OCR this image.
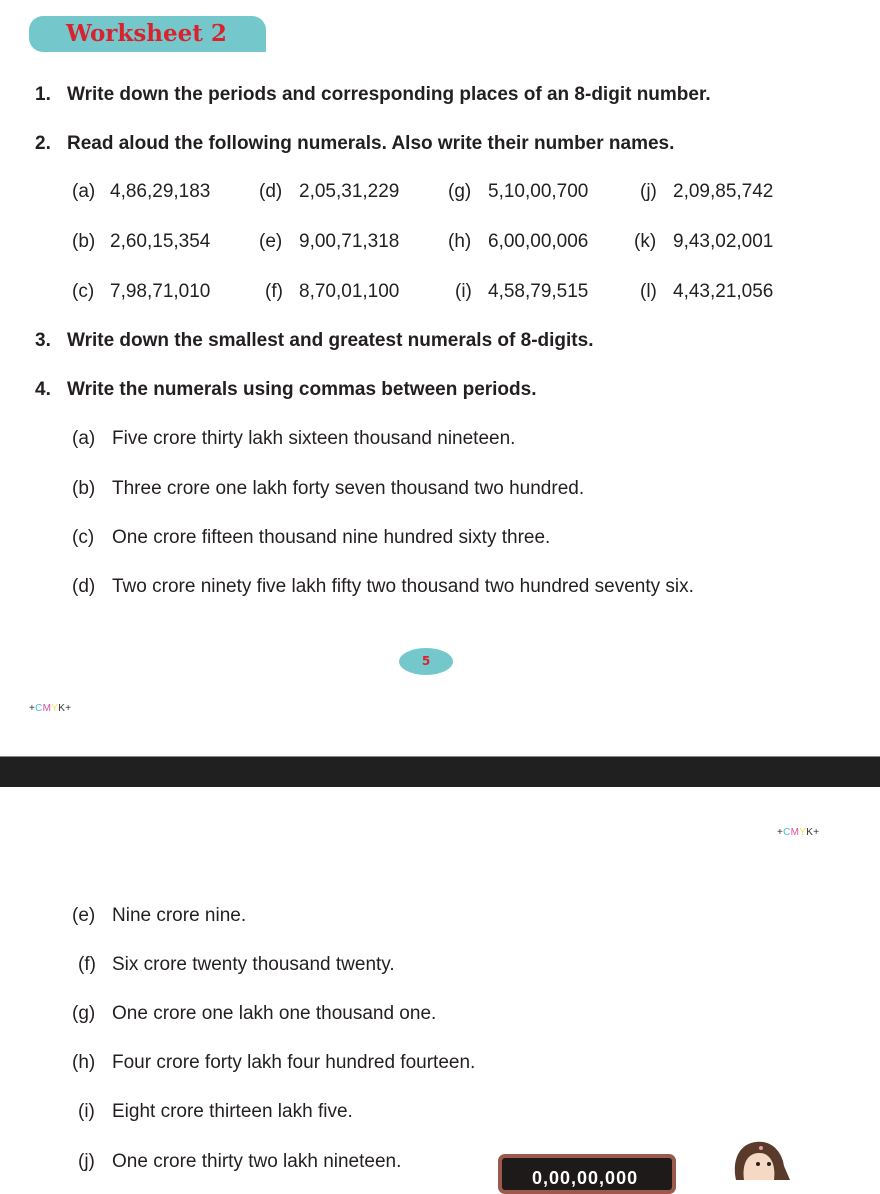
Worksheet 2
1. Write down the periods and corresponding places of an 8-digit number.
2. Read aloud the following numerals. Also write their number names.
(a) 4,86,29,183
(b) 2,60,15,354
(c) 7,98,71,010
(d) 2,05,31,229
(e) 9,00,71,318
(f) 8,70,01,100
(g) 5,10,00,700
(h) 6,00,00,006
(i) 4,58,79,515
(j) 2,09,85,742
(k) 9,43,02,001
(l) 4,43,21,056
3. Write down the smallest and greatest numerals of 8-digits.
4. Write the numerals using commas between periods.
(a) Five crore thirty lakh sixteen thousand nineteen.
(b) Three crore one lakh forty seven thousand two hundred.
(c) One crore fifteen thousand nine hundred sixty three.
(d) Two crore ninety five lakh fifty two thousand two hundred seventy six.
5
+CMYK+
+CMYK+
(e) Nine crore nine.
(f) Six crore twenty thousand twenty.
(g) One crore one lakh one thousand one.
(h) Four crore forty lakh four hundred fourteen.
(i) Eight crore thirteen lakh five.
(j) One crore thirty two lakh nineteen.
0,00,00,000
